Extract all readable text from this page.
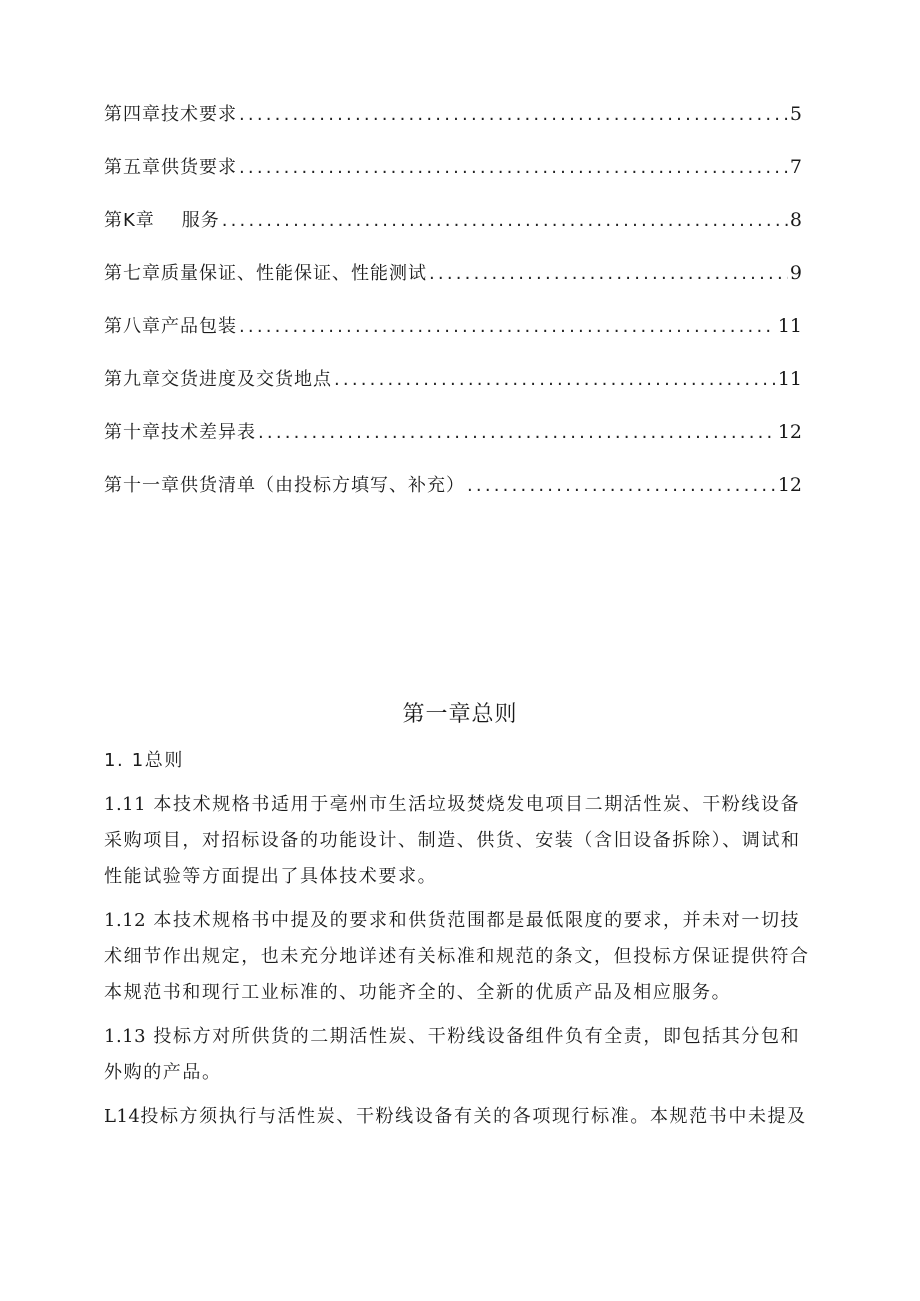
第四章技术要求 .....	5
第五章供货要求 .....	7
第K章    服务 .....	8
第七章质量保证、性能保证、性能测试 .....	9
第八章产品包装 .....	11
第九章交货进度及交货地点 .....	11
第十章技术差异表 .....	12
第十一章供货清单（由投标方填写、补充） .....	12
第一章总则

1. 1总则

1.11 本技术规格书适用于亳州市生活垃圾焚烧发电项目二期活性炭、干粉线设备采购项目，对招标设备的功能设计、制造、供货、安装（含旧设备拆除）、调试和性能试验等方面提出了具体技术要求。

1.12 本技术规格书中提及的要求和供货范围都是最低限度的要求，并未对一切技术细节作出规定，也未充分地详述有关标准和规范的条文，但投标方保证提供符合本规范书和现行工业标准的、功能齐全的、全新的优质产品及相应服务。

1.13 投标方对所供货的二期活性炭、干粉线设备组件负有全责，即包括其分包和外购的产品。

L14投标方须执行与活性炭、干粉线设备有关的各项现行标准。本规范书中未提及
